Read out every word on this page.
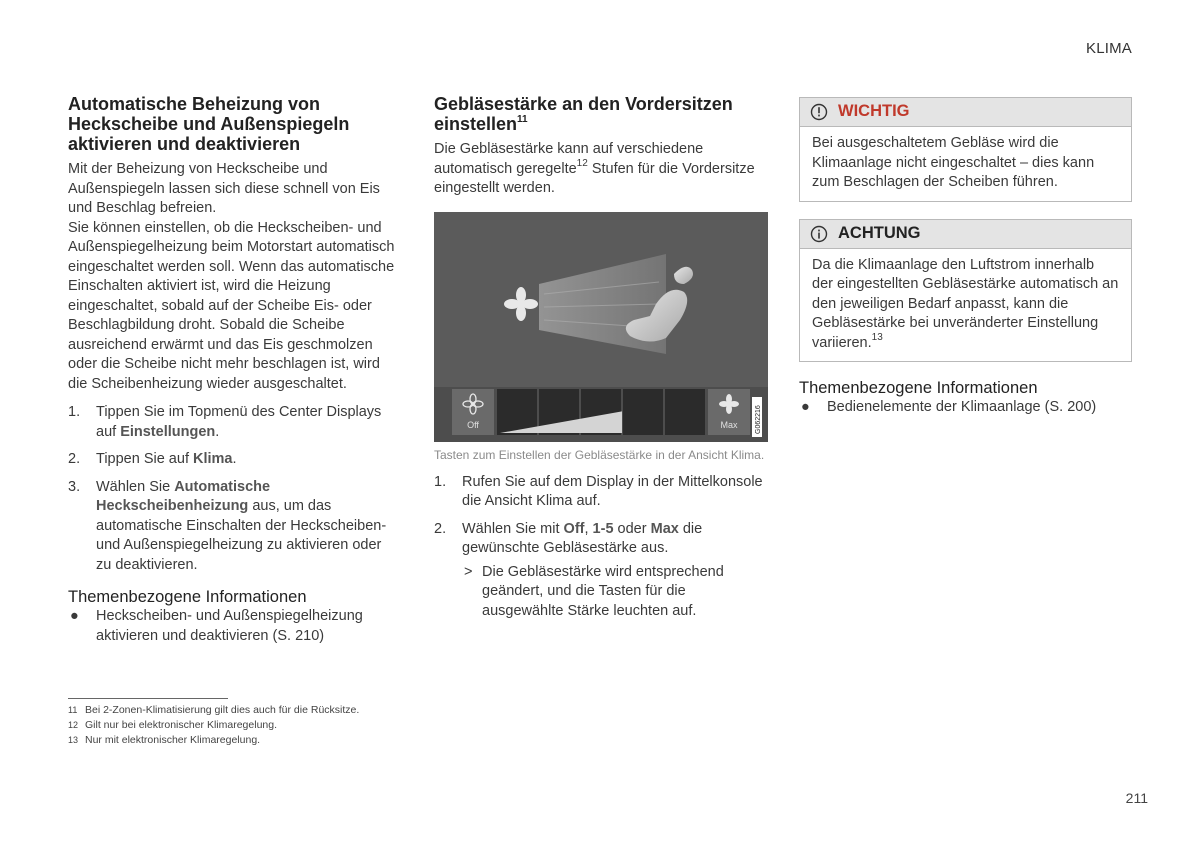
KLIMA
Automatische Beheizung von Heckscheibe und Außenspiegeln aktivieren und deaktivieren

Mit der Beheizung von Heckscheibe und Außenspiegeln lassen sich diese schnell von Eis und Beschlag befreien.

Sie können einstellen, ob die Heckscheiben- und Außenspiegelheizung beim Motorstart automatisch eingeschaltet werden soll. Wenn das automatische Einschalten aktiviert ist, wird die Heizung eingeschaltet, sobald auf der Scheibe Eis- oder Beschlagbildung droht. Sobald die Scheibe ausreichend erwärmt und das Eis geschmolzen oder die Scheibe nicht mehr beschlagen ist, wird die Scheibenheizung wieder ausgeschaltet.

1. Tippen Sie im Topmenü des Center Displays auf Einstellungen.
2. Tippen Sie auf Klima.
3. Wählen Sie Automatische Heckscheibenheizung aus, um das automatische Einschalten der Heckscheiben- und Außenspiegelheizung zu aktivieren oder zu deaktivieren.
Themenbezogene Informationen
● Heckscheiben- und Außenspiegelheizung aktivieren und deaktivieren (S. 210)
Gebläsestärke an den Vordersitzen einstellen$^{11}$

Die Gebläsestärke kann auf verschiedene automatisch geregelte$^{12}$ Stufen für die Vordersitze eingestellt werden.

Off	Max G062216

Tasten zum Einstellen der Gebläsestärke in der Ansicht Klima.

1. Rufen Sie auf dem Display in der Mittelkonsole die Ansicht Klima auf.
2. Wählen Sie mit Off, 1-5 oder Max die gewünschte Gebläsestärke aus.
> Die Gebläsestärke wird entsprechend geändert, und die Tasten für die ausgewählte Stärke leuchten auf.
WICHTIG
Bei ausgeschaltetem Gebläse wird die Klimaanlage nicht eingeschaltet – dies kann zum Beschlagen der Scheiben führen.
ACHTUNG
Da die Klimaanlage den Luftstrom innerhalb der eingestellten Gebläsestärke automatisch an den jeweiligen Bedarf anpasst, kann die Gebläsestärke bei unveränderter Einstellung variieren.$^{13}$
Themenbezogene Informationen
● Bedienelemente der Klimaanlage (S. 200)
11 Bei 2-Zonen-Klimatisierung gilt dies auch für die Rücksitze.
12 Gilt nur bei elektronischer Klimaregelung.
13 Nur mit elektronischer Klimaregelung.
211
